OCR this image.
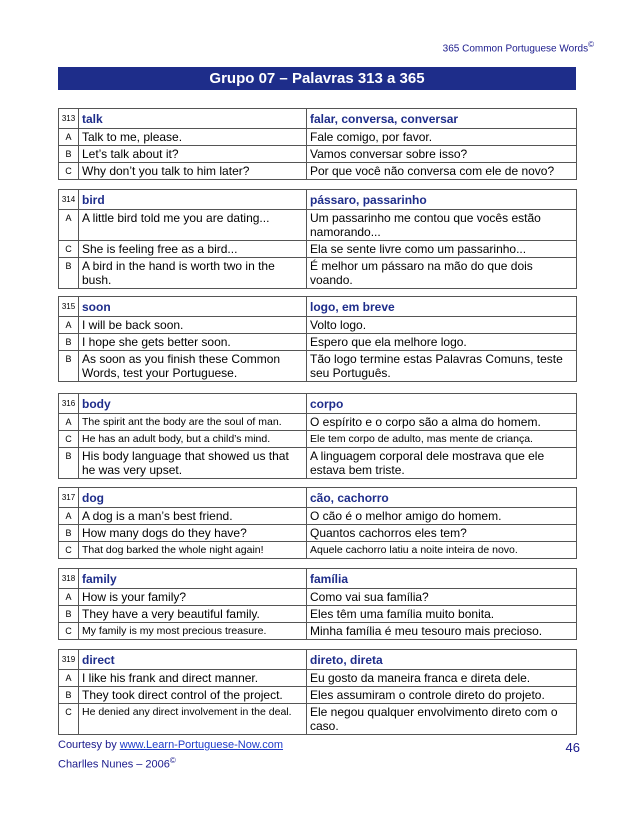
365 Common Portuguese Words©
Grupo 07 – Palavras 313 a 365
313	talk	falar, conversa, conversar
A	Talk to me, please.	Fale comigo, por favor.
B	Let’s talk about it?	Vamos conversar sobre isso?
C	Why don’t you talk to him later?	Por que você não conversa com ele de novo?
314	bird	pássaro, passarinho
A	A little bird told me you are dating...	Um passarinho me contou que vocês estão namorando...
C	She is feeling free as a bird...	Ela se sente livre como um passarinho...
B	A bird in the hand is worth two in the bush.	É melhor um pássaro na mão do que dois voando.
315	soon	logo, em breve
A	I will be back soon.	Volto logo.
B	I hope she gets better soon.	Espero que ela melhore logo.
B	As soon as you finish these Common Words, test your Portuguese.	Tão logo termine estas Palavras Comuns, teste seu Português.
316	body	corpo
A	The spirit ant the body are the soul of man.	O espírito e o corpo são a alma do homem.
C	He has an adult body, but a child’s mind.	Ele tem corpo de adulto, mas mente de criança.
B	His body language that showed us that he was very upset.	A linguagem corporal dele mostrava que ele estava bem triste.
317	dog	cão, cachorro
A	A dog is a man’s best friend.	O cão é o melhor amigo do homem.
B	How many dogs do they have?	Quantos cachorros eles tem?
C	That dog barked the whole night again!	Aquele cachorro latiu a noite inteira de novo.
318	family	família
A	How is your family?	Como vai sua família?
B	They have a very beautiful family.	Eles têm uma família muito bonita.
C	My family is my most precious treasure.	Minha família é meu tesouro mais precioso.
319	direct	direto, direta
A	I like his frank and direct manner.	Eu gosto da maneira franca e direta dele.
B	They took direct control of the project.	Eles assumiram o controle direto do projeto.
C	He denied any direct involvement in the deal.	Ele negou qualquer envolvimento direto com o caso.
Courtesy by www.Learn-Portuguese-Now.com
Charlles Nunes – 2006©
46
